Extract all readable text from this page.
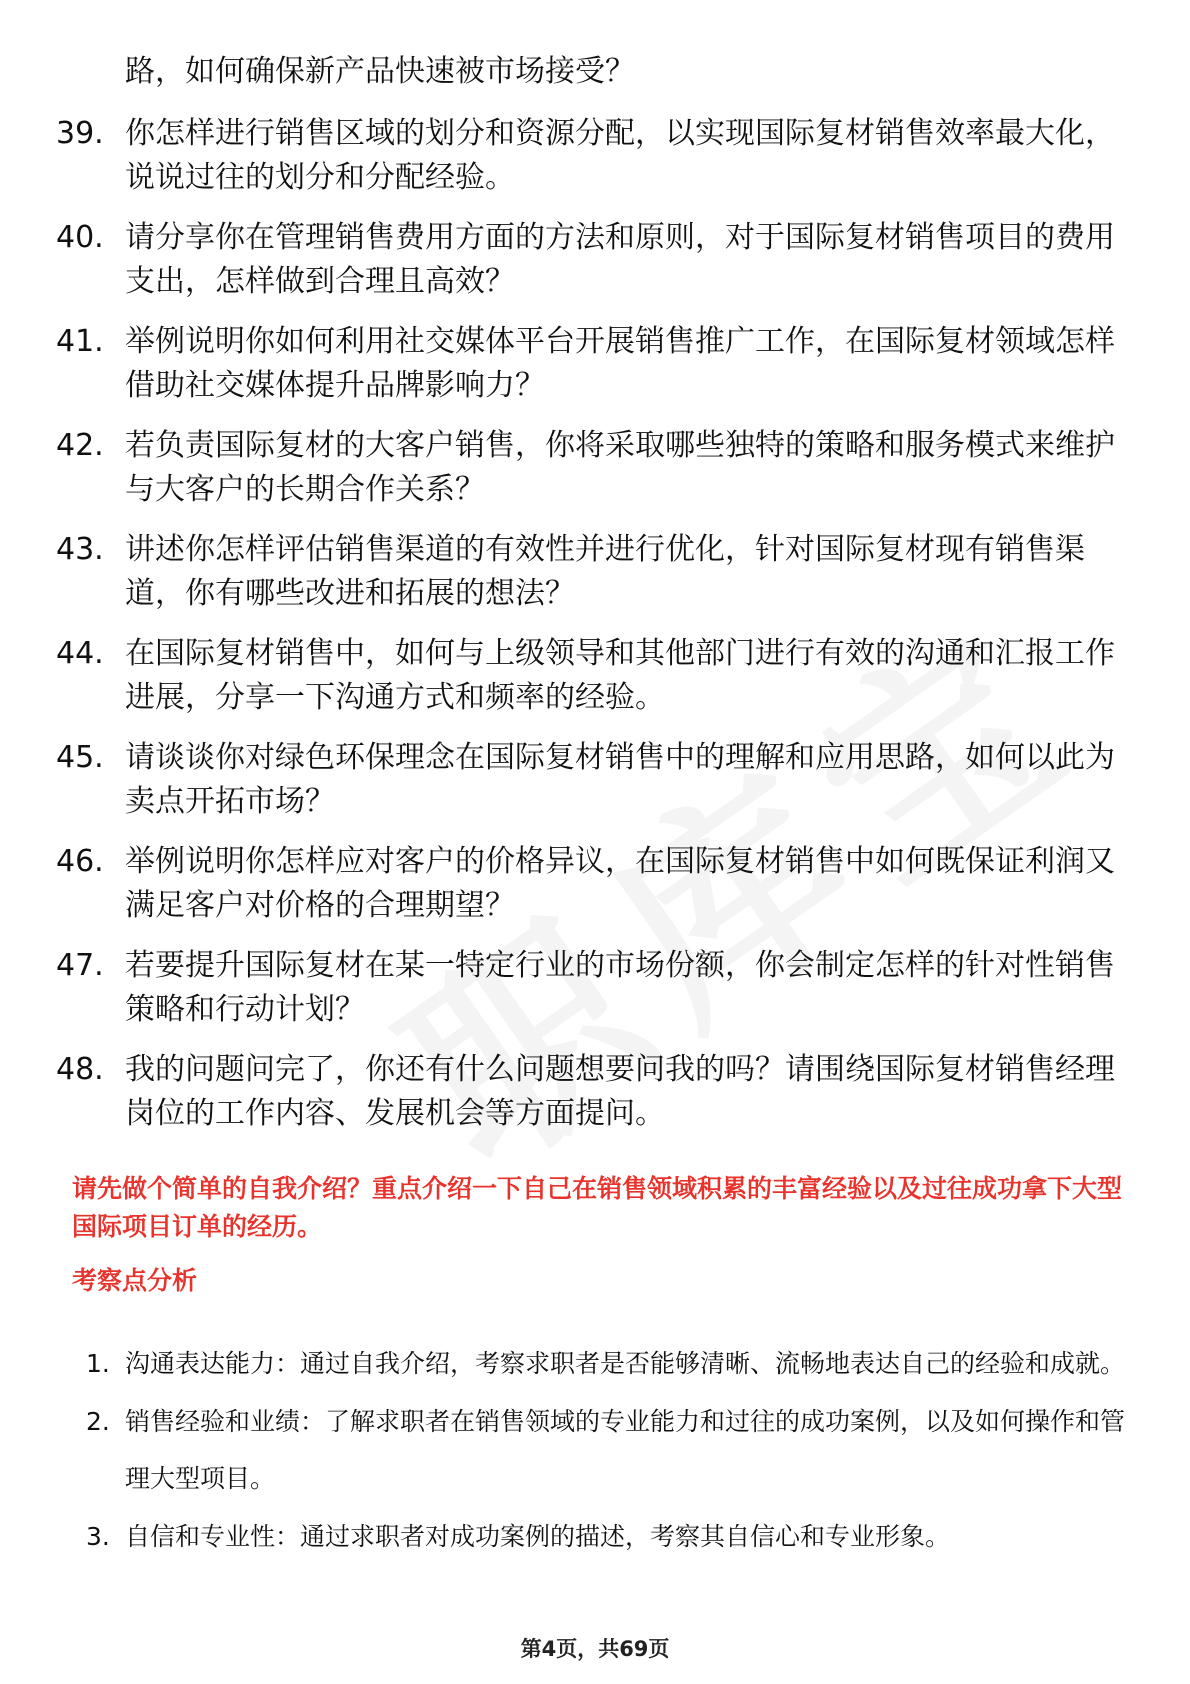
路，如何确保新产品快速被市场接受？

39. 你怎样进行销售区域的划分和资源分配，以实现国际复材销售效率最大化，说说过往的划分和分配经验。
40. 请分享你在管理销售费用方面的方法和原则，对于国际复材销售项目的费用支出，怎样做到合理且高效？
41. 举例说明你如何利用社交媒体平台开展销售推广工作，在国际复材领域怎样借助社交媒体提升品牌影响力？
42. 若负责国际复材的大客户销售，你将采取哪些独特的策略和服务模式来维护与大客户的长期合作关系？
43. 讲述你怎样评估销售渠道的有效性并进行优化，针对国际复材现有销售渠道，你有哪些改进和拓展的想法？
44. 在国际复材销售中，如何与上级领导和其他部门进行有效的沟通和汇报工作进展，分享一下沟通方式和频率的经验。
45. 请谈谈你对绿色环保理念在国际复材销售中的理解和应用思路，如何以此为卖点开拓市场？
46. 举例说明你怎样应对客户的价格异议，在国际复材销售中如何既保证利润又满足客户对价格的合理期望？
47. 若要提升国际复材在某一特定行业的市场份额，你会制定怎样的针对性销售策略和行动计划？
48. 我的问题问完了，你还有什么问题想要问我的吗？请围绕国际复材销售经理岗位的工作内容、发展机会等方面提问。

请先做个简单的自我介绍？重点介绍一下自己在销售领域积累的丰富经验以及过往成功拿下大型国际项目订单的经历。

考察点分析

1. 沟通表达能力：通过自我介绍，考察求职者是否能够清晰、流畅地表达自己的经验和成就。
2. 销售经验和业绩：了解求职者在销售领域的专业能力和过往的成功案例，以及如何操作和管理大型项目。
3. 自信和专业性：通过求职者对成功案例的描述，考察其自信心和专业形象。
第4页，共69页
